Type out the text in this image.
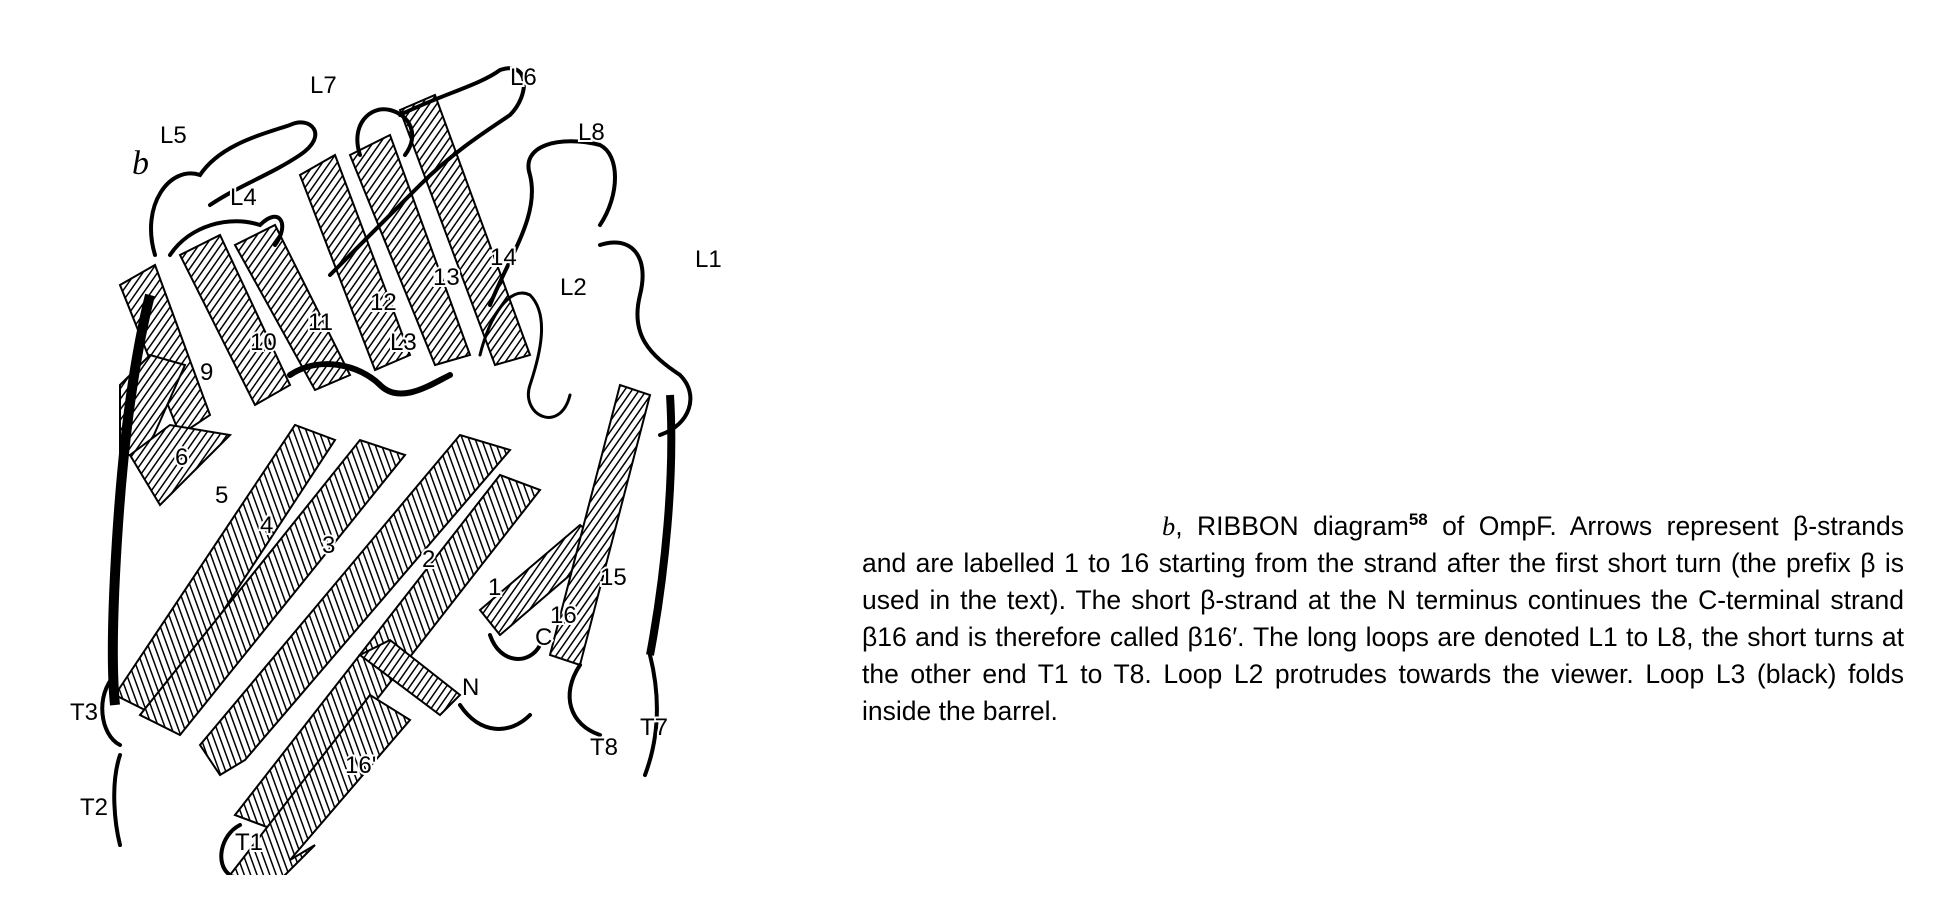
L5
L4
L7	L6
L8
L1
L2
L3
9
10
11
12
13
14
6
5
4
3
2
1	15
16
16'
N
C
T3
T2
T1
T7
T8
b
b, RIBBON diagram$^{58}$ of OmpF. Arrows represent β-strands and are labelled 1 to 16 starting from the strand after the first short turn (the prefix β is used in the text). The short β-strand at the N terminus continues the C-terminal strand β16 and is therefore called β16′. The long loops are denoted L1 to L8, the short turns at the other end T1 to T8. Loop L2 protrudes towards the viewer. Loop L3 (black) folds inside the barrel.
